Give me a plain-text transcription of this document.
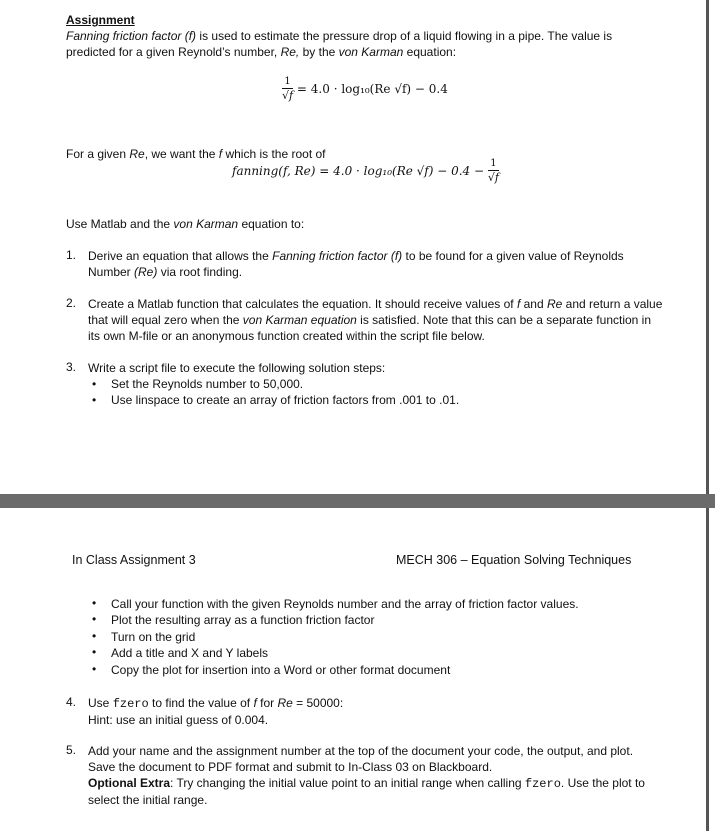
Assignment
Fanning friction factor (f) is used to estimate the pressure drop of a liquid flowing in a pipe. The value is
predicted for a given Reynold’s number, Re, by the von Karman equation:
$\frac{1}{√f} = 4.0 \cdot \log_{10}(Re$ √f) − 0.4
For a given Re, we want the f which is the root of
fanning(f, Re) = 4.0 · log₁₀(Re $√f) - 0.4 - \frac{1}{√f}$
Use Matlab and the von Karman equation to:
1. Derive an equation that allows the Fanning friction factor (f) to be found for a given value of Reynolds
Number (Re) via root finding.
2. Create a Matlab function that calculates the equation. It should receive values of f and Re and return a value
that will equal zero when the von Karman equation is satisfied. Note that this can be a separate function in
its own M-file or an anonymous function created within the script file below.
3. Write a script file to execute the following solution steps:
• Set the Reynolds number to 50,000.
• Use linspace to create an array of friction factors from .001 to .01.
In Class Assignment 3	MECH 306 – Equation Solving Techniques
• Call your function with the given Reynolds number and the array of friction factor values.
• Plot the resulting array as a function friction factor
• Turn on the grid
• Add a title and X and Y labels
• Copy the plot for insertion into a Word or other format document
4. Use fzero to find the value of f for Re = 50000:
Hint: use an initial guess of 0.004.
5. Add your name and the assignment number at the top of the document your code, the output, and plot.
Save the document to PDF format and submit to In-Class 03 on Blackboard.
Optional Extra: Try changing the initial value point to an initial range when calling fzero. Use the plot to
select the initial range.
